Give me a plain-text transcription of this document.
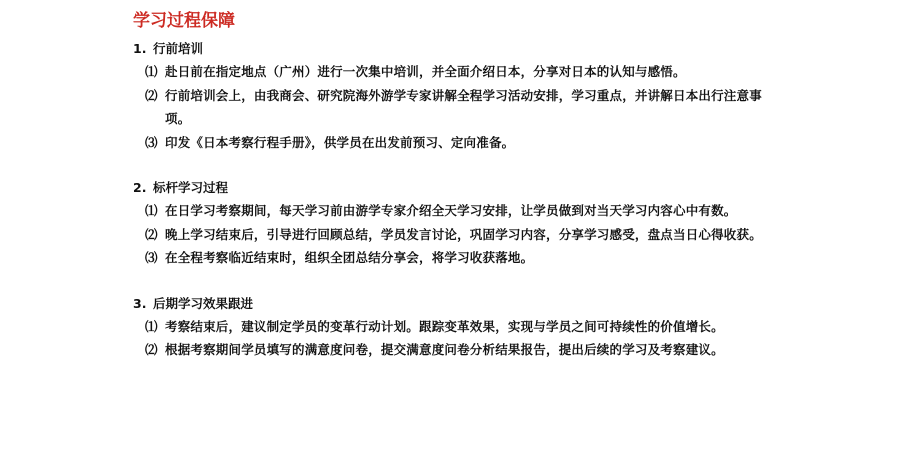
学习过程保障
1. 行前培训
⑴ 赴日前在指定地点（广州）进行一次集中培训，并全面介绍日本，分享对日本的认知与感悟。
⑵ 行前培训会上，由我商会、研究院海外游学专家讲解全程学习活动安排，学习重点，并讲解日本出行注意事项。
⑶ 印发《日本考察行程手册》，供学员在出发前预习、定向准备。
2. 标杆学习过程
⑴ 在日学习考察期间，每天学习前由游学专家介绍全天学习安排，让学员做到对当天学习内容心中有数。
⑵ 晚上学习结束后，引导进行回顾总结，学员发言讨论，巩固学习内容，分享学习感受，盘点当日心得收获。
⑶ 在全程考察临近结束时，组织全团总结分享会，将学习收获落地。
3. 后期学习效果跟进
⑴ 考察结束后，建议制定学员的变革行动计划。跟踪变革效果，实现与学员之间可持续性的价值增长。
⑵ 根据考察期间学员填写的满意度问卷，提交满意度问卷分析结果报告，提出后续的学习及考察建议。
